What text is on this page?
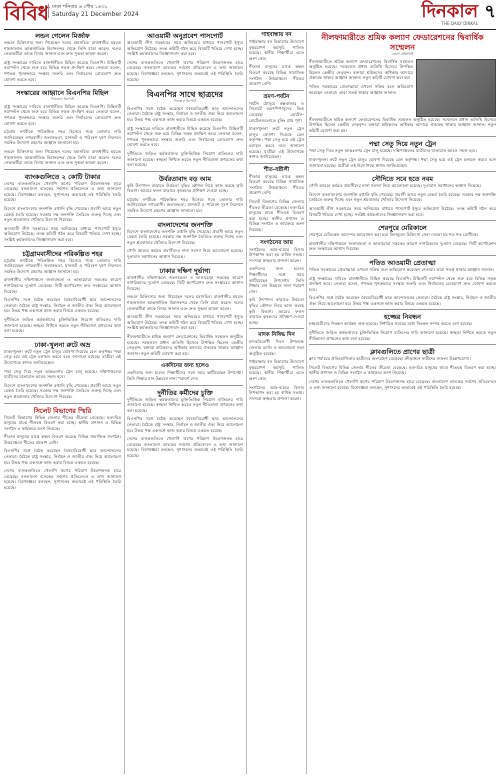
বিবিধ ঢাকা শনিবার ৬ পৌষ ১৪৩১
Saturday 21 December 2024	দিনকাল
THE DAILY DINKAL
৭
লন্ডন গেলেন মির্জাফ
লন্ডনে চিকিৎসার জন্য গিয়েছেন দলের মহাসচিব। রাজধানীর হযরত শাহজালাল আন্তর্জাতিক বিমানবন্দর থেকে তিনি যাত্রা করেন। দলের নেতাকর্মীরা তাকে বিদায় জানান এবং দ্রুত সুস্থতা কামনা করেন।
রাষ্ট্র সংস্কারের দাবিতে রাজধানীতে মিছিল করেছে বিএনপি। মিছিলটি নয়াপল্টন থেকে শুরু হয়ে বিভিন্ন সড়ক প্রদক্ষিণ করে। নেতারা বলেন, গণতন্ত্র পুনরুদ্ধারে সংস্কার জরুরি এবং নির্বাচনের রোডম্যাপ দ্রুত ঘোষণা করতে হবে।
সংস্কারের আহ্বানে বিএনপির মিছিল
দিনকাল রিপোর্ট
রাষ্ট্র সংস্কারের দাবিতে রাজধানীতে মিছিল করেছে বিএনপি। মিছিলটি নয়াপল্টন থেকে শুরু হয়ে বিভিন্ন সড়ক প্রদক্ষিণ করে। নেতারা বলেন, গণতন্ত্র পুনরুদ্ধারে সংস্কার জরুরি এবং নির্বাচনের রোডম্যাপ দ্রুত ঘোষণা করতে হবে।
চট্টগ্রাম নগরীকে পরিকল্পিত শহর হিসেবে গড়ে তোলার দাবি জানিয়েছেন নগরবাসী। জলাবদ্ধতা, যানজট ও পরিবেশ দূষণ নিরসনে সমন্বিত উদ্যোগ গ্রহণের আহ্বান জানানো হয়।
লন্ডনে চিকিৎসার জন্য গিয়েছেন দলের মহাসচিব। রাজধানীর হযরত শাহজালাল আন্তর্জাতিক বিমানবন্দর থেকে তিনি যাত্রা করেন। দলের নেতাকর্মীরা তাকে বিদায় জানান এবং দ্রুত সুস্থতা কামনা করেন।
ব্যাংকগুলিতে ২ কোটি টাকার
দেশের ব্যাংকগুলিতে খেলাপি ঋণের পরিমাণ উদ্বেগজনক হারে বেড়েছে। বাংলাদেশ ব্যাংকের সর্বশেষ প্রতিবেদনে এ তথ্য জানানো হয়েছে। বিশেষজ্ঞরা বলছেন, সুশাসনের অভাবেই এই পরিস্থিতি তৈরি হয়েছে।
বিদেশে বাংলাদেশের জনশক্তি রপ্তানি বৃদ্ধি পেয়েছে। প্রবাসী আয়ে নতুন রেকর্ড তৈরি হয়েছে। সরকার দক্ষ জনশক্তি তৈরিতে গুরুত্ব দিচ্ছে এবং নতুন শ্রমবাজার খোঁজার উদ্যোগ নিয়েছে।
আওয়ামী লীগ সরকারের সময় অনিয়মের মাধ্যমে পাসপোর্ট ইস্যুর অভিযোগ উঠেছে। তদন্ত কমিটি গঠন করে বিষয়টি খতিয়ে দেখা হচ্ছে। সংশ্লিষ্ট কর্মকর্তাদের জিজ্ঞাসাবাদ করা হবে।
চট্টগ্রামবাসীদের পরিকল্পিত শহর
চট্টগ্রাম নগরীকে পরিকল্পিত শহর হিসেবে গড়ে তোলার দাবি জানিয়েছেন নগরবাসী। জলাবদ্ধতা, যানজট ও পরিবেশ দূষণ নিরসনে সমন্বিত উদ্যোগ গ্রহণের আহ্বান জানানো হয়।
রাজধানীর দক্ষিণাঞ্চলে জলাবদ্ধতা ও ভাঙাচোরা সড়কের কারণে নাগরিকদের দুর্ভোগ বেড়েছে। সিটি কর্পোরেশন দ্রুত সংস্কারের আশ্বাস দিয়েছে।
বিএনপির সঙ্গে বৈঠক করেছেন বৈষম্যবিরোধী ছাত্র আন্দোলনের নেতারা। বৈঠকে রাষ্ট্র সংস্কার, নির্বাচন ও জাতীয় ঐক্য নিয়ে আলোচনা হয়। উভয় পক্ষ একসঙ্গে কাজ করার বিষয়ে একমত হয়েছে।
দুর্নীতিতে জড়িত কর্মকর্তাদের চুক্তিভিত্তিক নিয়োগ বাতিলের দাবি জানানো হয়েছে। স্বচ্ছতা নিশ্চিত করতে নতুন নীতিমালা প্রণয়নের কথা বলা হয়েছে।
ঢাকা-খুলনা রুটে অভ্র
ঢাকা-খুলনা রুটে নতুন ট্রেন চালুর ঘোষণা দিয়েছে রেল কর্তৃপক্ষ। পদ্মা সেতু হয়ে এই ট্রেন চলাচল করবে বলে জানানো হয়েছে। যাত্রীরা এই উদ্যোগকে স্বাগত জানিয়েছেন।
পদ্মা সেতু দিয়ে নতুন আন্তঃনগর ট্রেন চালু হয়েছে। দক্ষিণাঞ্চলের যাত্রীদের যাতায়াত আরও সহজ হবে।
বিদেশে বাংলাদেশের জনশক্তি রপ্তানি বৃদ্ধি পেয়েছে। প্রবাসী আয়ে নতুন রেকর্ড তৈরি হয়েছে। সরকার দক্ষ জনশক্তি তৈরিতে গুরুত্ব দিচ্ছে এবং নতুন শ্রমবাজার খোঁজার উদ্যোগ নিয়েছে।
সিলেট বিভাগের স্মিরি
সিলেট বিভাগের বিভিন্ন জেলায় শীতের তীব্রতা বেড়েছে। হতদরিদ্র মানুষের মাঝে শীতবস্ত্র বিতরণ করা হচ্ছে। স্থানীয় প্রশাসন ও বিভিন্ন সংগঠন এ কার্যক্রমে অংশ নিয়েছে।
শীতার্ত মানুষের মাঝে কম্বল বিতরণ করেছে বিভিন্ন সামাজিক সংগঠন। উত্তরাঞ্চলে শীতের প্রকোপ বেশি।
বিএনপির সঙ্গে বৈঠক করেছেন বৈষম্যবিরোধী ছাত্র আন্দোলনের নেতারা। বৈঠকে রাষ্ট্র সংস্কার, নির্বাচন ও জাতীয় ঐক্য নিয়ে আলোচনা হয়। উভয় পক্ষ একসঙ্গে কাজ করার বিষয়ে একমত হয়েছে।
দেশের ব্যাংকগুলিতে খেলাপি ঋণের পরিমাণ উদ্বেগজনক হারে বেড়েছে। বাংলাদেশ ব্যাংকের সর্বশেষ প্রতিবেদনে এ তথ্য জানানো হয়েছে। বিশেষজ্ঞরা বলছেন, সুশাসনের অভাবেই এই পরিস্থিতি তৈরি হয়েছে।
আওয়ামী অনুপ্রবেশ পাসপোর্ট
আওয়ামী লীগ সরকারের সময় অনিয়মের মাধ্যমে পাসপোর্ট ইস্যুর অভিযোগ উঠেছে। তদন্ত কমিটি গঠন করে বিষয়টি খতিয়ে দেখা হচ্ছে। সংশ্লিষ্ট কর্মকর্তাদের জিজ্ঞাসাবাদ করা হবে।
দেশের ব্যাংকগুলিতে খেলাপি ঋণের পরিমাণ উদ্বেগজনক হারে বেড়েছে। বাংলাদেশ ব্যাংকের সর্বশেষ প্রতিবেদনে এ তথ্য জানানো হয়েছে। বিশেষজ্ঞরা বলছেন, সুশাসনের অভাবেই এই পরিস্থিতি তৈরি হয়েছে।
বিএনপির সাথে ছাত্রদের
দিনকাল রিপোর্ট
বিএনপির সঙ্গে বৈঠক করেছেন বৈষম্যবিরোধী ছাত্র আন্দোলনের নেতারা। বৈঠকে রাষ্ট্র সংস্কার, নির্বাচন ও জাতীয় ঐক্য নিয়ে আলোচনা হয়। উভয় পক্ষ একসঙ্গে কাজ করার বিষয়ে একমত হয়েছে।
রাষ্ট্র সংস্কারের দাবিতে রাজধানীতে মিছিল করেছে বিএনপি। মিছিলটি নয়াপল্টন থেকে শুরু হয়ে বিভিন্ন সড়ক প্রদক্ষিণ করে। নেতারা বলেন, গণতন্ত্র পুনরুদ্ধারে সংস্কার জরুরি এবং নির্বাচনের রোডম্যাপ দ্রুত ঘোষণা করতে হবে।
দুর্নীতিতে জড়িত কর্মকর্তাদের চুক্তিভিত্তিক নিয়োগ বাতিলের দাবি জানানো হয়েছে। স্বচ্ছতা নিশ্চিত করতে নতুন নীতিমালা প্রণয়নের কথা বলা হয়েছে।
উর্বরতাবাদ বড় আম
কৃষি উৎপাদন বাড়াতে উর্বরতা বৃদ্ধির কৌশল নিয়ে কাজ করছে কৃষি বিভাগ। আমের ফলন বাড়াতে কৃষকদের প্রশিক্ষণ দেওয়া হচ্ছে।
চট্টগ্রাম নগরীকে পরিকল্পিত শহর হিসেবে গড়ে তোলার দাবি জানিয়েছেন নগরবাসী। জলাবদ্ধতা, যানজট ও পরিবেশ দূষণ নিরসনে সমন্বিত উদ্যোগ গ্রহণের আহ্বান জানানো হয়।
বাংলাদেশের জনশক্তি
বিদেশে বাংলাদেশের জনশক্তি রপ্তানি বৃদ্ধি পেয়েছে। প্রবাসী আয়ে নতুন রেকর্ড তৈরি হয়েছে। সরকার দক্ষ জনশক্তি তৈরিতে গুরুত্ব দিচ্ছে এবং নতুন শ্রমবাজার খোঁজার উদ্যোগ নিয়েছে।
সৌদি আরবে কর্মরত প্রবাসীদের নানা সমস্যা নিয়ে আলোচনা হয়েছে। দূতাবাস সমাধানের আশ্বাস দিয়েছে।
ঢাকার দক্ষিণ দুর্ভাগ্য
রাজধানীর দক্ষিণাঞ্চলে জলাবদ্ধতা ও ভাঙাচোরা সড়কের কারণে নাগরিকদের দুর্ভোগ বেড়েছে। সিটি কর্পোরেশন দ্রুত সংস্কারের আশ্বাস দিয়েছে।
লন্ডনে চিকিৎসার জন্য গিয়েছেন দলের মহাসচিব। রাজধানীর হযরত শাহজালাল আন্তর্জাতিক বিমানবন্দর থেকে তিনি যাত্রা করেন। দলের নেতাকর্মীরা তাকে বিদায় জানান এবং দ্রুত সুস্থতা কামনা করেন।
আওয়ামী লীগ সরকারের সময় অনিয়মের মাধ্যমে পাসপোর্ট ইস্যুর অভিযোগ উঠেছে। তদন্ত কমিটি গঠন করে বিষয়টি খতিয়ে দেখা হচ্ছে। সংশ্লিষ্ট কর্মকর্তাদের জিজ্ঞাসাবাদ করা হবে।
নীলফামারীতে শ্রমিক কল্যাণ ফেডারেশনের দ্বিবার্ষিক সম্মেলন অনুষ্ঠিত হয়েছে। সম্মেলনে প্রধান অতিথি হিসেবে উপস্থিত ছিলেন কেন্দ্রীয় নেতৃবৃন্দ। বক্তারা শ্রমিকদের অধিকার আদায়ে ঐক্যবদ্ধ থাকার আহ্বান জানান। নতুন কমিটি ঘোষণা করা হয়।
একদিনের জন্য হলেও
একদিনের জন্য হলেও শিক্ষার্থীদের সঙ্গে সময় কাটিয়েছেন উপদেষ্টা। তিনি শিক্ষার মান উন্নয়নে নানা পরামর্শ দেন।
দুর্নীতির কর্মীদের চুক্তি
দুর্নীতিতে জড়িত কর্মকর্তাদের চুক্তিভিত্তিক নিয়োগ বাতিলের দাবি জানানো হয়েছে। স্বচ্ছতা নিশ্চিত করতে নতুন নীতিমালা প্রণয়নের কথা বলা হয়েছে।
বিএনপির সঙ্গে বৈঠক করেছেন বৈষম্যবিরোধী ছাত্র আন্দোলনের নেতারা। বৈঠকে রাষ্ট্র সংস্কার, নির্বাচন ও জাতীয় ঐক্য নিয়ে আলোচনা হয়। উভয় পক্ষ একসঙ্গে কাজ করার বিষয়ে একমত হয়েছে।
দেশের ব্যাংকগুলিতে খেলাপি ঋণের পরিমাণ উদ্বেগজনক হারে বেড়েছে। বাংলাদেশ ব্যাংকের সর্বশেষ প্রতিবেদনে এ তথ্য জানানো হয়েছে। বিশেষজ্ঞরা বলছেন, সুশাসনের অভাবেই এই পরিস্থিতি তৈরি হয়েছে।
গাইবান্ধায় বন
গাইবান্ধায় বন বিভাগের উদ্যোগে বৃক্ষরোপণ কর্মসূচি পালিত হয়েছে। স্থানীয় শিক্ষার্থীরা এতে অংশ নেয়।
শীতার্ত মানুষের মাঝে কম্বল বিতরণ করেছে বিভিন্ন সামাজিক সংগঠন। উত্তরাঞ্চলে শীতের প্রকোপ বেশি।
ভ্রমণ-পর্যটন
পর্যটন মৌসুমে কক্সবাজার ও সিলেটে ভ্রমণপিপাসুদের ভিড় বেড়েছে। হোটেল-মোটেলগুলোতে বুকিং প্রায় পূর্ণ।
ঢাকা-খুলনা রুটে নতুন ট্রেন চালুর ঘোষণা দিয়েছে রেল কর্তৃপক্ষ। পদ্মা সেতু হয়ে এই ট্রেন চলাচল করবে বলে জানানো হয়েছে। যাত্রীরা এই উদ্যোগকে স্বাগত জানিয়েছেন।
শীত-বস্ত্রীলী
শীতার্ত মানুষের মাঝে কম্বল বিতরণ করেছে বিভিন্ন সামাজিক সংগঠন। উত্তরাঞ্চলে শীতের প্রকোপ বেশি।
সিলেট বিভাগের বিভিন্ন জেলায় শীতের তীব্রতা বেড়েছে। হতদরিদ্র মানুষের মাঝে শীতবস্ত্র বিতরণ করা হচ্ছে। স্থানীয় প্রশাসন ও বিভিন্ন সংগঠন এ কার্যক্রমে অংশ নিয়েছে।
সংগঠনের আয়
সংগঠনের আয়-ব্যয়ের হিসাব উপস্থাপন করা হয় বার্ষিক সভায়। সদস্যরা স্বচ্ছতার প্রশংসা করেন।
একদিনের জন্য হলেও শিক্ষার্থীদের সঙ্গে সময় কাটিয়েছেন উপদেষ্টা। তিনি শিক্ষার মান উন্নয়নে নানা পরামর্শ দেন।
কৃষি উৎপাদন বাড়াতে উর্বরতা বৃদ্ধির কৌশল নিয়ে কাজ করছে কৃষি বিভাগ। আমের ফলন বাড়াতে কৃষকদের প্রশিক্ষণ দেওয়া হচ্ছে।
মাদক নিষিদ্ধ দিন
মাদকবিরোধী দিবস উপলক্ষে জেলায় র‍্যালি ও আলোচনা সভা অনুষ্ঠিত হয়েছে।
গাইবান্ধায় বন বিভাগের উদ্যোগে বৃক্ষরোপণ কর্মসূচি পালিত হয়েছে। স্থানীয় শিক্ষার্থীরা এতে অংশ নেয়।
সংগঠনের আয়-ব্যয়ের হিসাব উপস্থাপন করা হয় বার্ষিক সভায়। সদস্যরা স্বচ্ছতার প্রশংসা করেন।
নীলফামারীতে শ্রমিক কল্যাণ ফেডারেশনের দ্বিবার্ষিক সম্মেলন
জেলা প্রতিনিধি
নীলফামারীতে শ্রমিক কল্যাণ ফেডারেশনের দ্বিবার্ষিক সম্মেলন অনুষ্ঠিত হয়েছে। সম্মেলনে প্রধান অতিথি হিসেবে উপস্থিত ছিলেন কেন্দ্রীয় নেতৃবৃন্দ। বক্তারা শ্রমিকদের অধিকার আদায়ে ঐক্যবদ্ধ থাকার আহ্বান জানান। নতুন কমিটি ঘোষণা করা হয়।
পতিত সরকারের প্রেতাত্মারা এখনো সক্রিয় বলে অভিযোগ করেছেন নেতারা। তারা সতর্ক থাকার আহ্বান জানান।
নীলফামারীতে শ্রমিক কল্যাণ ফেডারেশনের দ্বিবার্ষিক সম্মেলন অনুষ্ঠিত হয়েছে। সম্মেলনে প্রধান অতিথি হিসেবে উপস্থিত ছিলেন কেন্দ্রীয় নেতৃবৃন্দ। বক্তারা শ্রমিকদের অধিকার আদায়ে ঐক্যবদ্ধ থাকার আহ্বান জানান। নতুন কমিটি ঘোষণা করা হয়।
পদ্মা সেতু দিয়ে নতুন ট্রেন
পদ্মা সেতু দিয়ে নতুন আন্তঃনগর ট্রেন চালু হয়েছে। দক্ষিণাঞ্চলের যাত্রীদের যাতায়াত আরও সহজ হবে।
ঢাকা-খুলনা রুটে নতুন ট্রেন চালুর ঘোষণা দিয়েছে রেল কর্তৃপক্ষ। পদ্মা সেতু হয়ে এই ট্রেন চলাচল করবে বলে জানানো হয়েছে। যাত্রীরা এই উদ্যোগকে স্বাগত জানিয়েছেন।
সৌদিতে সবে হতে নবম
সৌদি আরবে কর্মরত প্রবাসীদের নানা সমস্যা নিয়ে আলোচনা হয়েছে। দূতাবাস সমাধানের আশ্বাস দিয়েছে।
বিদেশে বাংলাদেশের জনশক্তি রপ্তানি বৃদ্ধি পেয়েছে। প্রবাসী আয়ে নতুন রেকর্ড তৈরি হয়েছে। সরকার দক্ষ জনশক্তি তৈরিতে গুরুত্ব দিচ্ছে এবং নতুন শ্রমবাজার খোঁজার উদ্যোগ নিয়েছে।
আওয়ামী লীগ সরকারের সময় অনিয়মের মাধ্যমে পাসপোর্ট ইস্যুর অভিযোগ উঠেছে। তদন্ত কমিটি গঠন করে বিষয়টি খতিয়ে দেখা হচ্ছে। সংশ্লিষ্ট কর্মকর্তাদের জিজ্ঞাসাবাদ করা হবে।
শেরপুরে মেরিকালে
শেরপুরে মেডিকেল ক্যাম্পের আয়োজন করা হয়। বিনামূল্যে চিকিৎসা সেবা দেওয়া হয় শত শত রোগীকে।
রাজধানীর দক্ষিণাঞ্চলে জলাবদ্ধতা ও ভাঙাচোরা সড়কের কারণে নাগরিকদের দুর্ভোগ বেড়েছে। সিটি কর্পোরেশন দ্রুত সংস্কারের আশ্বাস দিয়েছে।
পতিত আওয়ামী প্রেতাত্মা
পতিত সরকারের প্রেতাত্মারা এখনো সক্রিয় বলে অভিযোগ করেছেন নেতারা। তারা সতর্ক থাকার আহ্বান জানান।
রাষ্ট্র সংস্কারের দাবিতে রাজধানীতে মিছিল করেছে বিএনপি। মিছিলটি নয়াপল্টন থেকে শুরু হয়ে বিভিন্ন সড়ক প্রদক্ষিণ করে। নেতারা বলেন, গণতন্ত্র পুনরুদ্ধারে সংস্কার জরুরি এবং নির্বাচনের রোডম্যাপ দ্রুত ঘোষণা করতে হবে।
বিএনপির সঙ্গে বৈঠক করেছেন বৈষম্যবিরোধী ছাত্র আন্দোলনের নেতারা। বৈঠকে রাষ্ট্র সংস্কার, নির্বাচন ও জাতীয় ঐক্য নিয়ে আলোচনা হয়। উভয় পক্ষ একসঙ্গে কাজ করার বিষয়ে একমত হয়েছে।
হজ্জের নিবন্ধন
হজ্জযাত্রীদের নিবন্ধন কার্যক্রম শুরু হয়েছে। নির্ধারিত সময়ের মধ্যে নিবন্ধন সম্পন্ন করতে বলা হয়েছে।
দুর্নীতিতে জড়িত কর্মকর্তাদের চুক্তিভিত্তিক নিয়োগ বাতিলের দাবি জানানো হয়েছে। স্বচ্ছতা নিশ্চিত করতে নতুন নীতিমালা প্রণয়নের কথা বলা হয়েছে।
ক্লাবগুলিতে প্রাণের ছাত্রী
ক্লাব পর্যায়ের প্রতিযোগিতায় ছাত্রীদের অংশগ্রহণ বেড়েছে। ক্রীড়াঙ্গনে নারীদের সাফল্য উল্লেখযোগ্য।
সিলেট বিভাগের বিভিন্ন জেলায় শীতের তীব্রতা বেড়েছে। হতদরিদ্র মানুষের মাঝে শীতবস্ত্র বিতরণ করা হচ্ছে। স্থানীয় প্রশাসন ও বিভিন্ন সংগঠন এ কার্যক্রমে অংশ নিয়েছে।
দেশের ব্যাংকগুলিতে খেলাপি ঋণের পরিমাণ উদ্বেগজনক হারে বেড়েছে। বাংলাদেশ ব্যাংকের সর্বশেষ প্রতিবেদনে এ তথ্য জানানো হয়েছে। বিশেষজ্ঞরা বলছেন, সুশাসনের অভাবেই এই পরিস্থিতি তৈরি হয়েছে।
